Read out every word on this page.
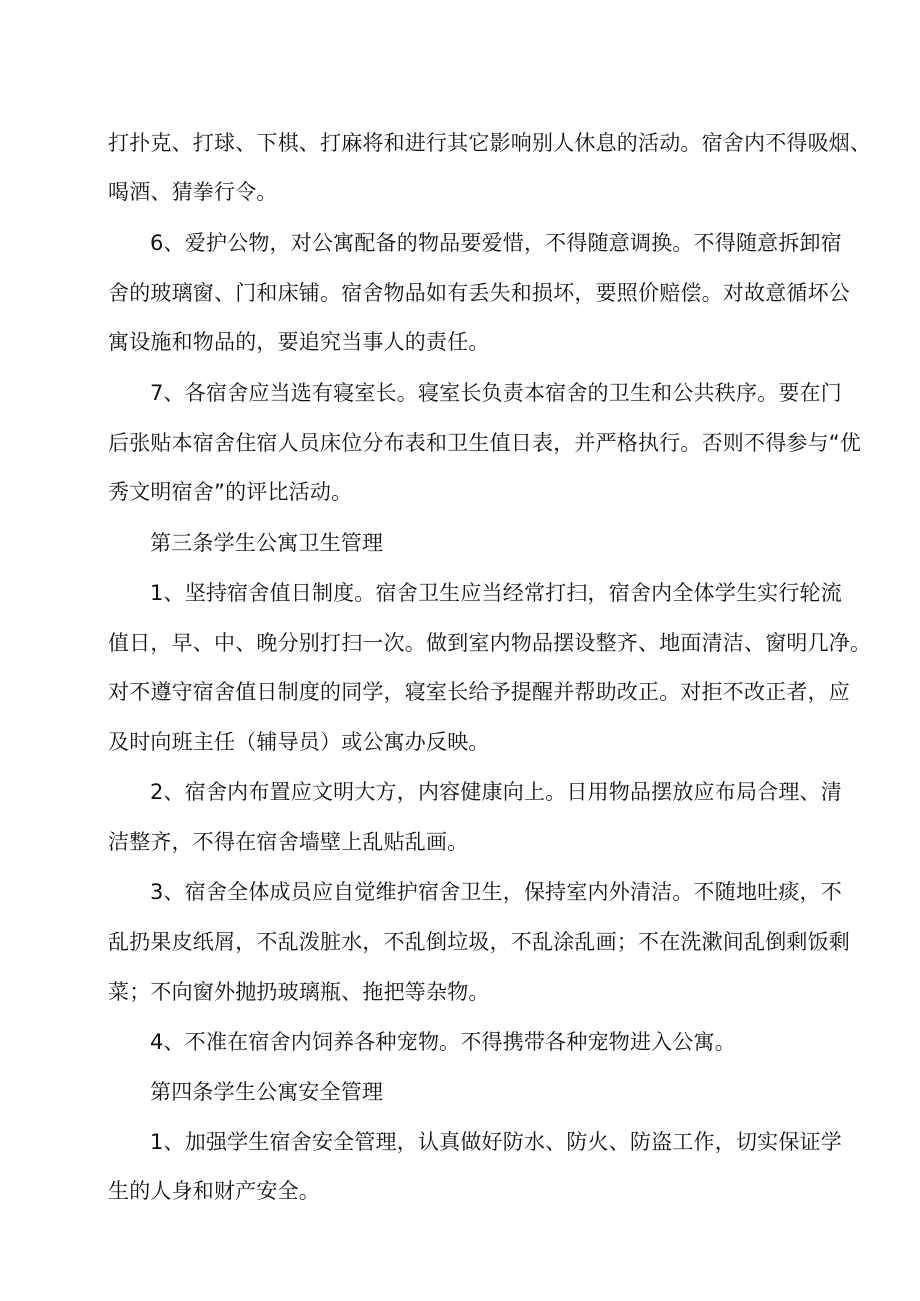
打扑克、打球、下棋、打麻将和进行其它影响别人休息的活动。宿舍内不得吸烟、
喝酒、猜拳行令。
6、爱护公物，对公寓配备的物品要爱惜，不得随意调换。不得随意拆卸宿
舍的玻璃窗、门和床铺。宿舍物品如有丢失和损坏，要照价赔偿。对故意循坏公
寓设施和物品的，要追究当事人的责任。
7、各宿舍应当选有寝室长。寝室长负责本宿舍的卫生和公共秩序。要在门
后张贴本宿舍住宿人员床位分布表和卫生值日表，并严格执行。否则不得参与“优
秀文明宿舍”的评比活动。
第三条学生公寓卫生管理
1、坚持宿舍值日制度。宿舍卫生应当经常打扫，宿舍内全体学生实行轮流
值日，早、中、晚分别打扫一次。做到室内物品摆设整齐、地面清洁、窗明几净。
对不遵守宿舍值日制度的同学，寝室长给予提醒并帮助改正。对拒不改正者，应
及时向班主任（辅导员）或公寓办反映。
2、宿舍内布置应文明大方，内容健康向上。日用物品摆放应布局合理、清
洁整齐，不得在宿舍墙壁上乱贴乱画。
3、宿舍全体成员应自觉维护宿舍卫生，保持室内外清洁。不随地吐痰，不
乱扔果皮纸屑，不乱泼脏水，不乱倒垃圾，不乱涂乱画；不在洗漱间乱倒剩饭剩
菜；不向窗外抛扔玻璃瓶、拖把等杂物。
4、不准在宿舍内饲养各种宠物。不得携带各种宠物进入公寓。
第四条学生公寓安全管理
1、加强学生宿舍安全管理，认真做好防水、防火、防盗工作，切实保证学
生的人身和财产安全。
